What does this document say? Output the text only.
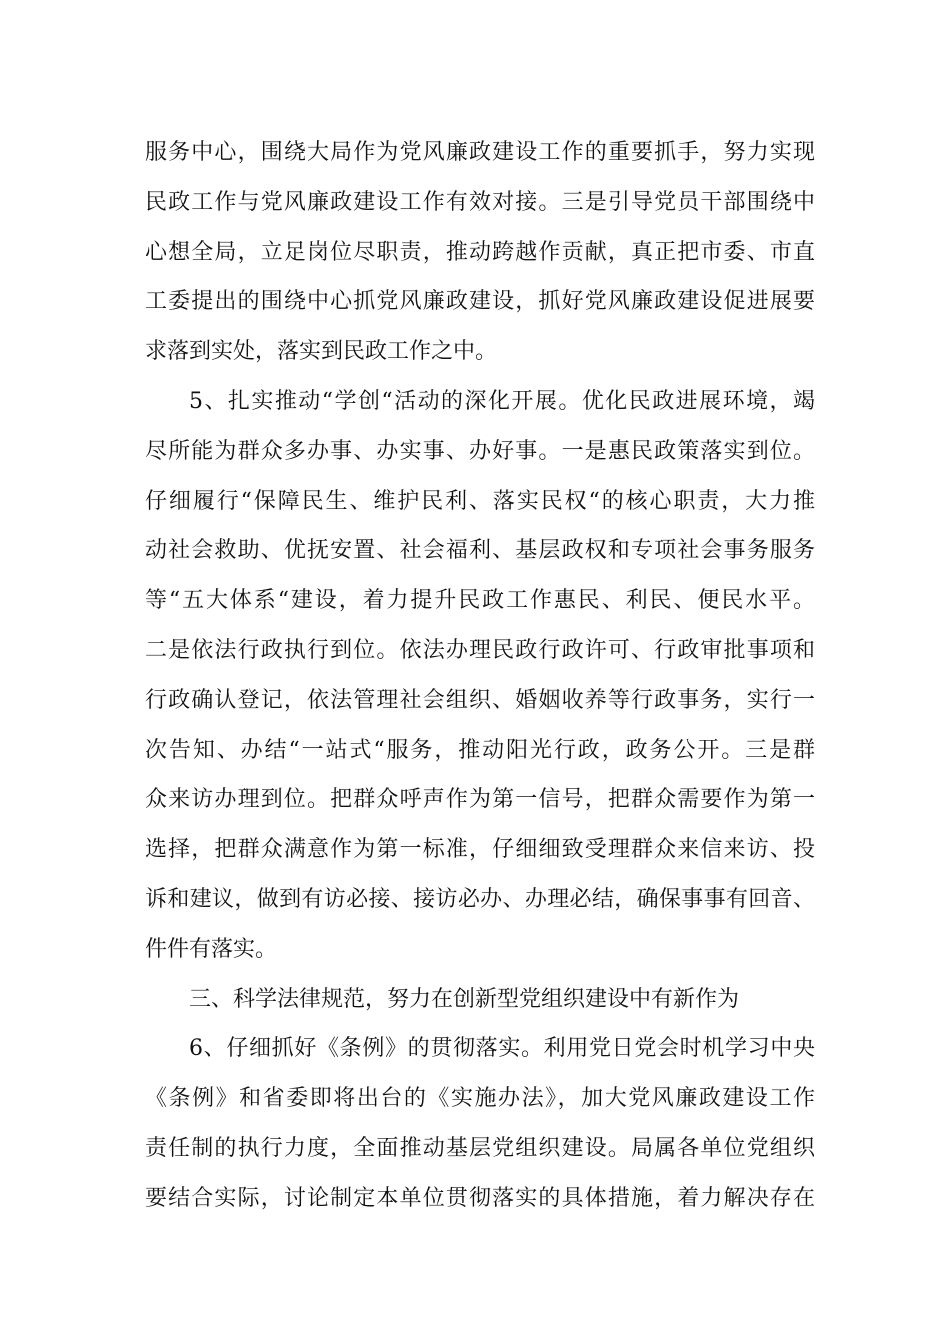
服务中心，围绕大局作为党风廉政建设工作的重要抓手，努力实现
民政工作与党风廉政建设工作有效对接。三是引导党员干部围绕中
心想全局，立足岗位尽职责，推动跨越作贡献，真正把市委、市直
工委提出的围绕中心抓党风廉政建设，抓好党风廉政建设促进展要
求落到实处，落实到民政工作之中。
5、扎实推动“学创“活动的深化开展。优化民政进展环境，竭
尽所能为群众多办事、办实事、办好事。一是惠民政策落实到位。
仔细履行“保障民生、维护民利、落实民权“的核心职责，大力推
动社会救助、优抚安置、社会福利、基层政权和专项社会事务服务
等“五大体系“建设，着力提升民政工作惠民、利民、便民水平。
二是依法行政执行到位。依法办理民政行政许可、行政审批事项和
行政确认登记，依法管理社会组织、婚姻收养等行政事务，实行一
次告知、办结“一站式“服务，推动阳光行政，政务公开。三是群
众来访办理到位。把群众呼声作为第一信号，把群众需要作为第一
选择，把群众满意作为第一标准，仔细细致受理群众来信来访、投
诉和建议，做到有访必接、接访必办、办理必结，确保事事有回音、
件件有落实。
三、科学法律规范，努力在创新型党组织建设中有新作为
6、仔细抓好《条例》的贯彻落实。利用党日党会时机学习中央
《条例》和省委即将出台的《实施办法》，加大党风廉政建设工作
责任制的执行力度，全面推动基层党组织建设。局属各单位党组织
要结合实际，讨论制定本单位贯彻落实的具体措施，着力解决存在
